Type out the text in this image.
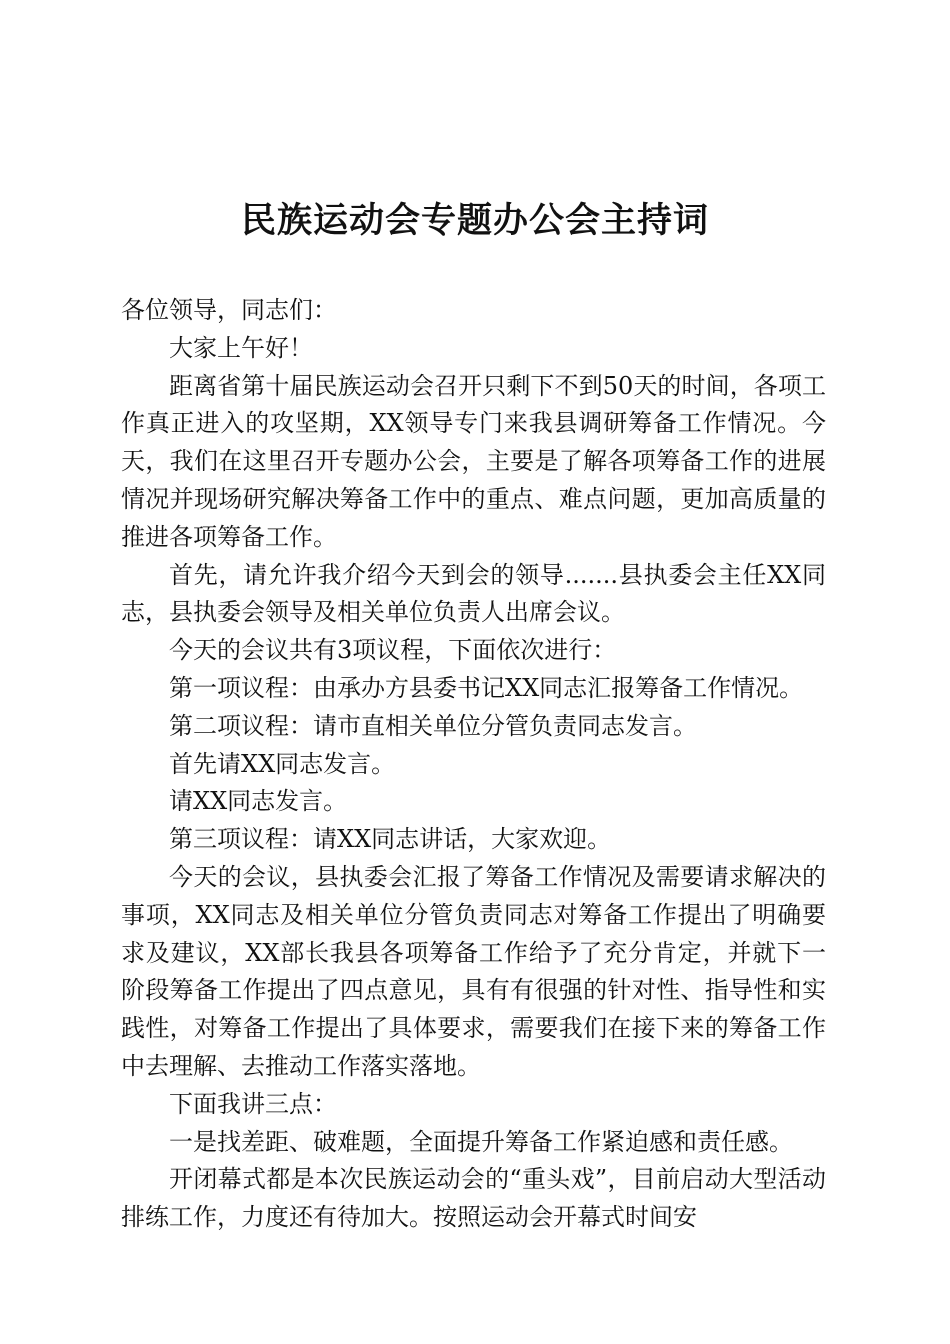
民族运动会专题办公会主持词

各位领导，同志们：

大家上午好！

距离省第十届民族运动会召开只剩下不到50天的时间，各项工作真正进入的攻坚期，XX领导专门来我县调研筹备工作情况。今天，我们在这里召开专题办公会，主要是了解各项筹备工作的进展情况并现场研究解决筹备工作中的重点、难点问题，更加高质量的推进各项筹备工作。

首先，请允许我介绍今天到会的领导.......县执委会主任XX同志，县执委会领导及相关单位负责人出席会议。

今天的会议共有3项议程，下面依次进行：

第一项议程：由承办方县委书记XX同志汇报筹备工作情况。

第二项议程：请市直相关单位分管负责同志发言。

首先请XX同志发言。

请XX同志发言。

第三项议程：请XX同志讲话，大家欢迎。

今天的会议，县执委会汇报了筹备工作情况及需要请求解决的事项，XX同志及相关单位分管负责同志对筹备工作提出了明确要求及建议，XX部长我县各项筹备工作给予了充分肯定，并就下一阶段筹备工作提出了四点意见，具有有很强的针对性、指导性和实践性，对筹备工作提出了具体要求，需要我们在接下来的筹备工作中去理解、去推动工作落实落地。

下面我讲三点：

一是找差距、破难题，全面提升筹备工作紧迫感和责任感。

开闭幕式都是本次民族运动会的“重头戏”，目前启动大型活动排练工作，力度还有待加大。按照运动会开幕式时间安
